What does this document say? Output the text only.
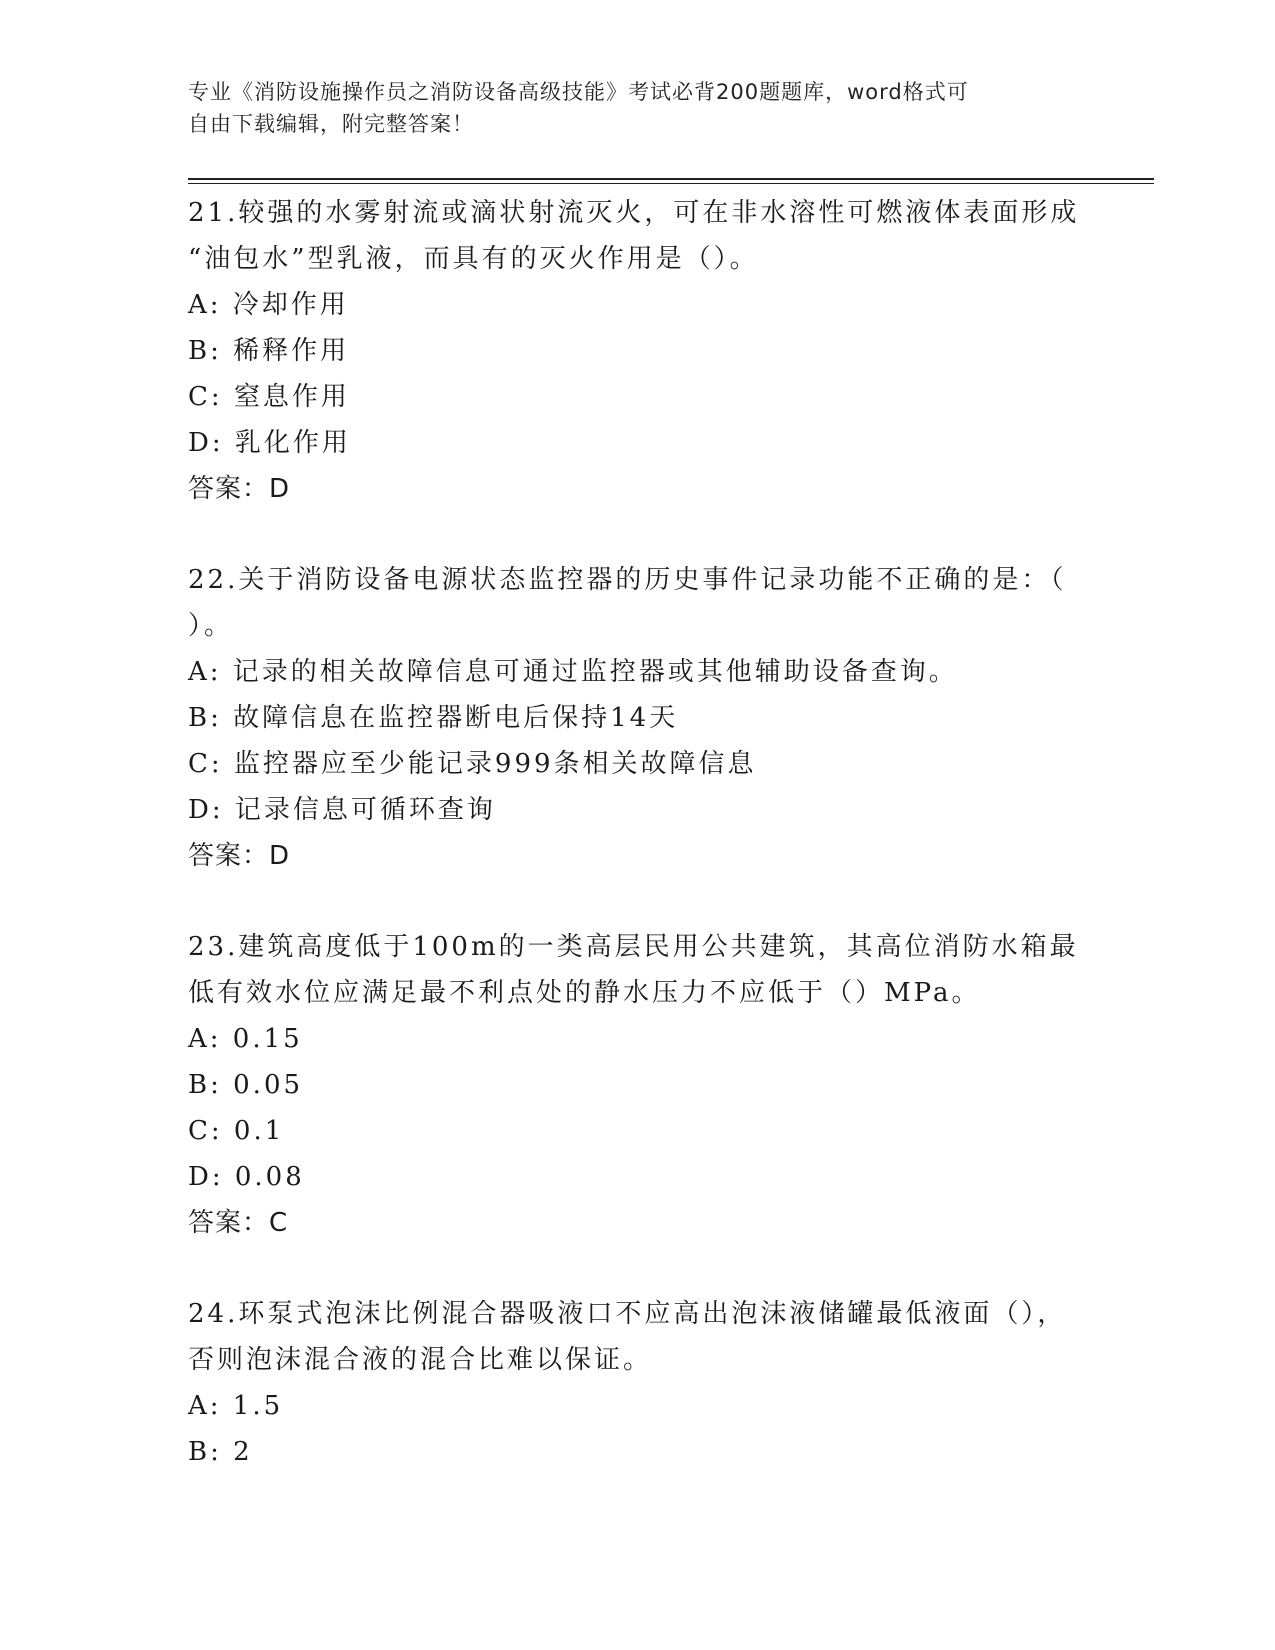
专业《消防设施操作员之消防设备高级技能》考试必背200题题库，word格式可
自由下载编辑，附完整答案！
21.较强的水雾射流或滴状射流灭火，可在非水溶性可燃液体表面形成
“油包水”型乳液，而具有的灭火作用是（）。
A: 冷却作用
B: 稀释作用
C: 窒息作用
D: 乳化作用
答案：D
22.关于消防设备电源状态监控器的历史事件记录功能不正确的是：（
）。
A: 记录的相关故障信息可通过监控器或其他辅助设备查询。
B: 故障信息在监控器断电后保持14天
C: 监控器应至少能记录999条相关故障信息
D: 记录信息可循环查询
答案：D
23.建筑高度低于100m的一类高层民用公共建筑，其高位消防水箱最
低有效水位应满足最不利点处的静水压力不应低于（）MPa。
A: 0.15
B: 0.05
C: 0.1
D: 0.08
答案：C
24.环泵式泡沫比例混合器吸液口不应高出泡沫液储罐最低液面（），
否则泡沫混合液的混合比难以保证。
A: 1.5
B: 2
